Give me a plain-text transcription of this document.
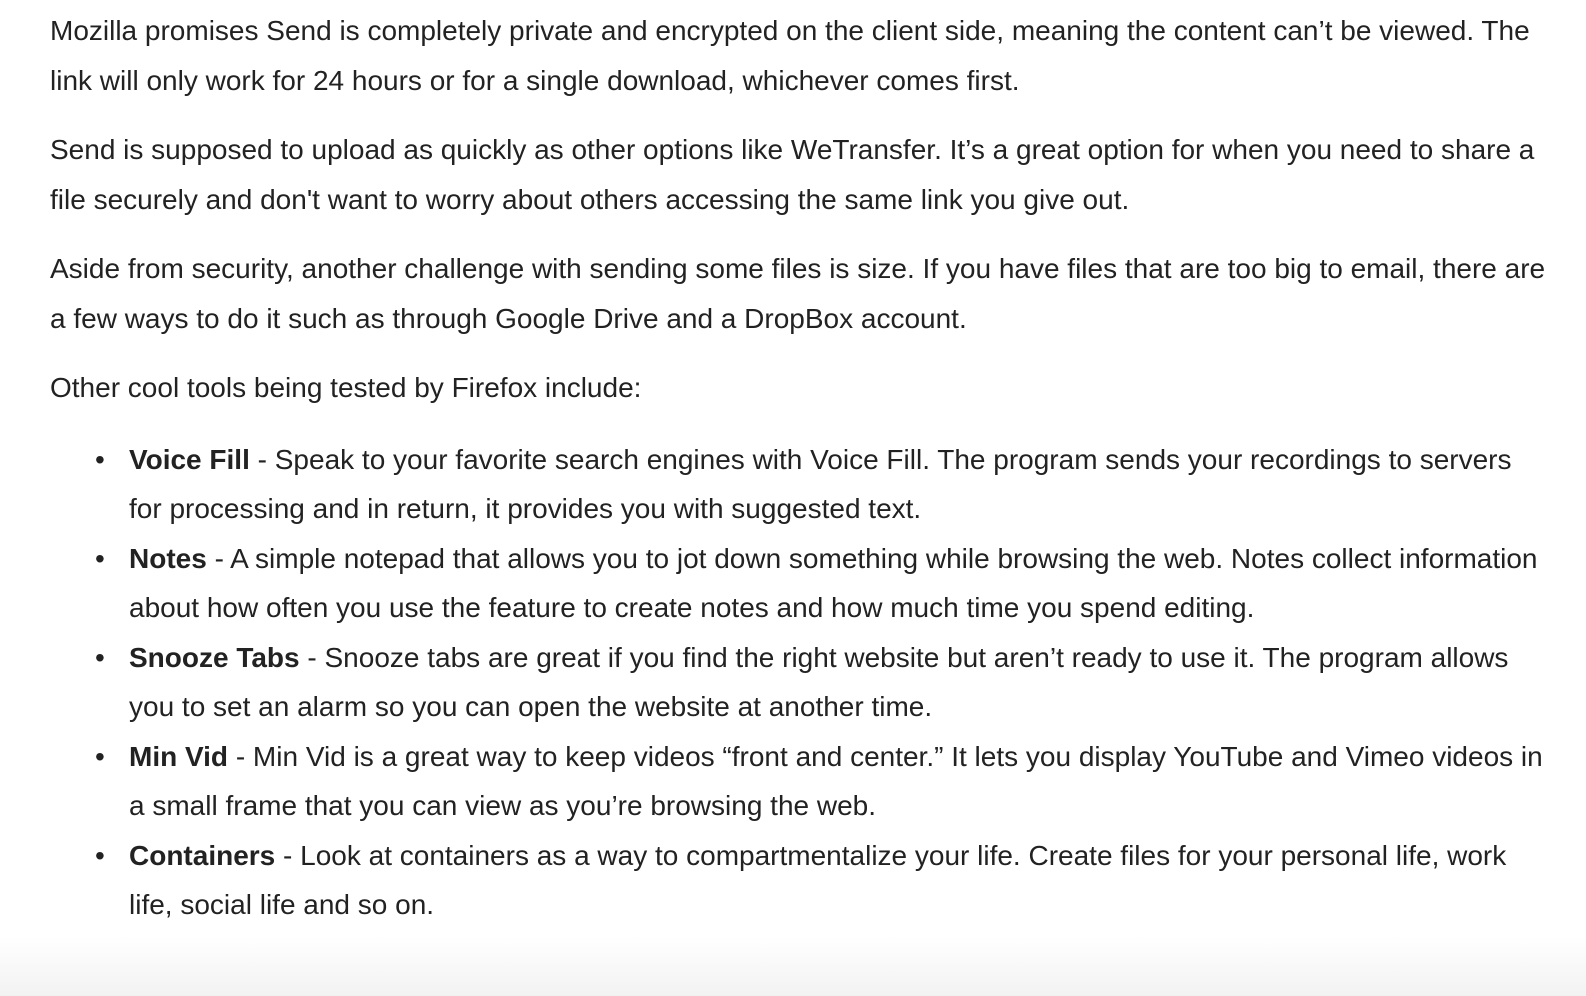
Mozilla promises Send is completely private and encrypted on the client side, meaning the content can’t be viewed. The link will only work for 24 hours or for a single download, whichever comes first.

Send is supposed to upload as quickly as other options like WeTransfer. It’s a great option for when you need to share a file securely and don't want to worry about others accessing the same link you give out.

Aside from security, another challenge with sending some files is size. If you have files that are too big to email, there are a few ways to do it such as through Google Drive and a DropBox account.

Other cool tools being tested by Firefox include:

• Voice Fill - Speak to your favorite search engines with Voice Fill. The program sends your recordings to servers for processing and in return, it provides you with suggested text.
• Notes - A simple notepad that allows you to jot down something while browsing the web. Notes collect information about how often you use the feature to create notes and how much time you spend editing.
• Snooze Tabs - Snooze tabs are great if you find the right website but aren’t ready to use it. The program allows you to set an alarm so you can open the website at another time.
• Min Vid - Min Vid is a great way to keep videos “front and center.” It lets you display YouTube and Vimeo videos in a small frame that you can view as you’re browsing the web.
• Containers - Look at containers as a way to compartmentalize your life. Create files for your personal life, work life, social life and so on.
